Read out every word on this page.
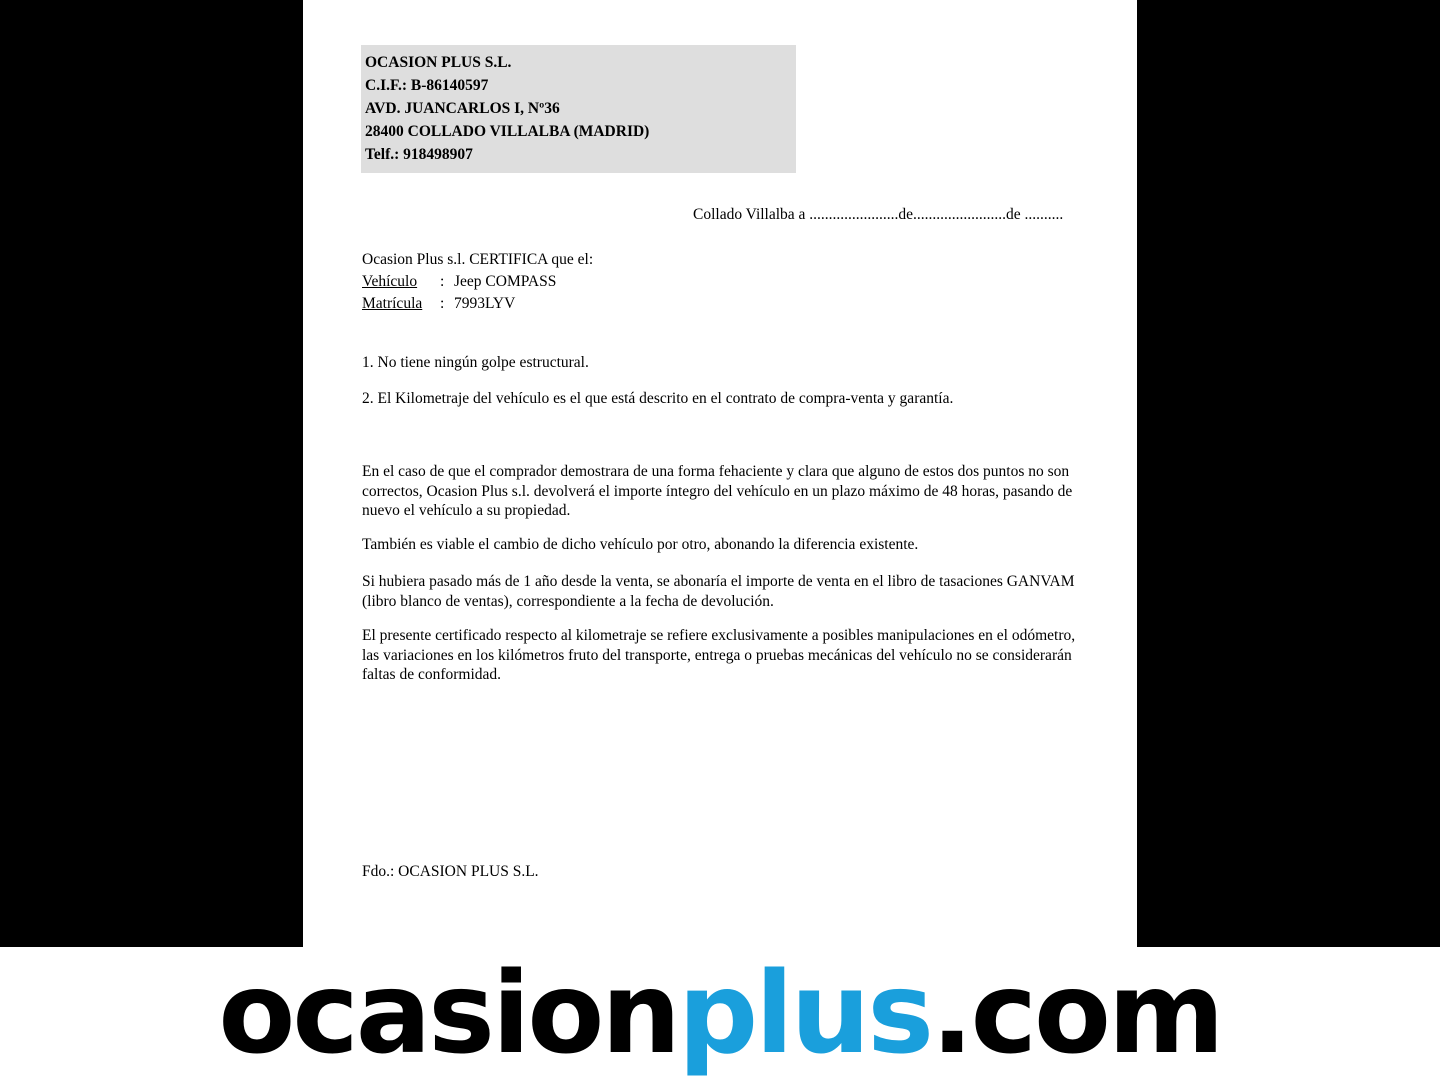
OCASION PLUS S.L.
C.I.F.: B-86140597
AVD. JUANCARLOS I, Nº36
28400 COLLADO VILLALBA (MADRID)
Telf.: 918498907
Collado Villalba a .......................de........................de ..........
Ocasion Plus s.l. CERTIFICA que el:
Vehículo	: Jeep COMPASS
Matrícula	: 7993LYV
1. No tiene ningún golpe estructural.
2. El Kilometraje del vehículo es el que está descrito en el contrato de compra-venta y garantía.
En el caso de que el comprador demostrara de una forma fehaciente y clara que alguno de estos dos puntos no son correctos, Ocasion Plus s.l. devolverá el importe íntegro del vehículo en un plazo máximo de 48 horas, pasando de nuevo el vehículo a su propiedad.
También es viable el cambio de dicho vehículo por otro, abonando la diferencia existente.
Si hubiera pasado más de 1 año desde la venta, se abonaría el importe de venta en el libro de tasaciones GANVAM (libro blanco de ventas), correspondiente a la fecha de devolución.
El presente certificado respecto al kilometraje se refiere exclusivamente a posibles manipulaciones en el odómetro, las variaciones en los kilómetros fruto del transporte, entrega o pruebas mecánicas del vehículo no se considerarán faltas de conformidad.
Fdo.: OCASION PLUS S.L.
ocasion plus .com
